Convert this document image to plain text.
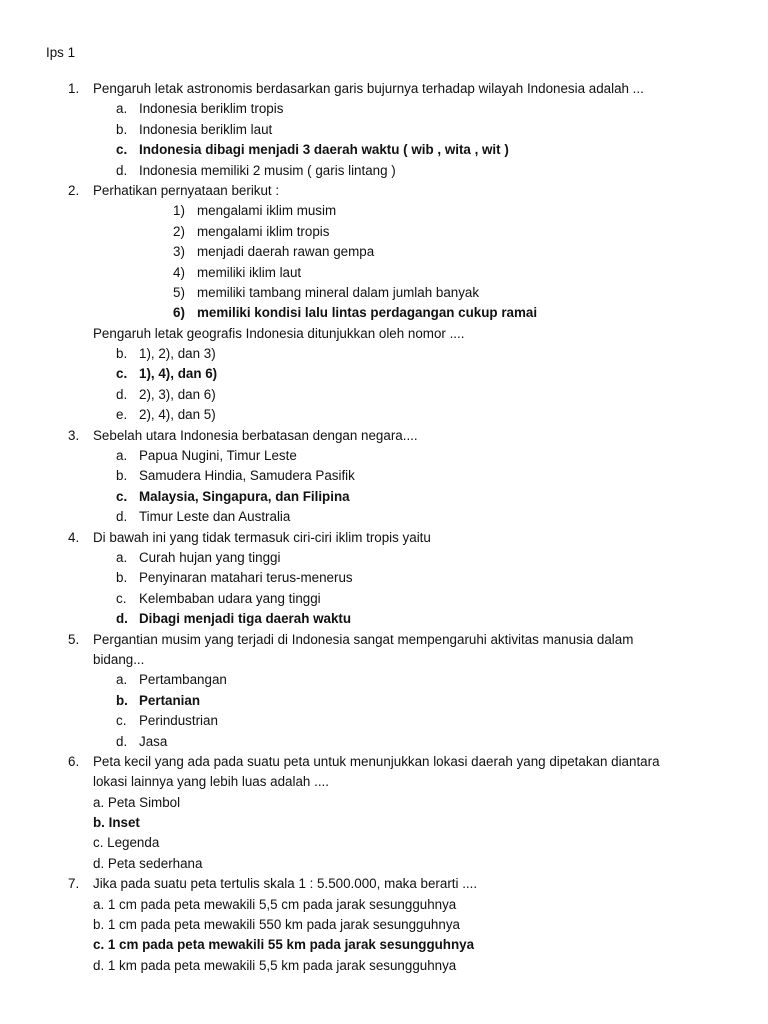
Ips 1
1. Pengaruh letak astronomis berdasarkan garis bujurnya terhadap wilayah Indonesia adalah ...
a. Indonesia beriklim tropis
b. Indonesia beriklim laut
c. Indonesia dibagi menjadi 3 daerah waktu ( wib , wita , wit )
d. Indonesia memiliki 2 musim ( garis lintang )
2. Perhatikan pernyataan berikut :
1) mengalami iklim musim
2) mengalami iklim tropis
3) menjadi daerah rawan gempa
4) memiliki iklim laut
5) memiliki tambang mineral dalam jumlah banyak
6) memiliki kondisi lalu lintas perdagangan cukup ramai
Pengaruh letak geografis Indonesia ditunjukkan oleh nomor ....
b. 1), 2), dan 3)
c. 1), 4), dan 6)
d. 2), 3), dan 6)
e. 2), 4), dan 5)
3. Sebelah utara Indonesia berbatasan dengan negara....
a. Papua Nugini, Timur Leste
b. Samudera Hindia, Samudera Pasifik
c. Malaysia, Singapura, dan Filipina
d. Timur Leste dan Australia
4. Di bawah ini yang tidak termasuk ciri-ciri iklim tropis yaitu
a. Curah hujan yang tinggi
b. Penyinaran matahari terus-menerus
c. Kelembaban udara yang tinggi
d. Dibagi menjadi tiga daerah waktu
5. Pergantian musim yang terjadi di Indonesia sangat mempengaruhi aktivitas manusia dalam
bidang...
a. Pertambangan
b. Pertanian
c. Perindustrian
d. Jasa
6. Peta kecil yang ada pada suatu peta untuk menunjukkan lokasi daerah yang dipetakan diantara
lokasi lainnya yang lebih luas adalah ....
a. Peta Simbol
b. Inset
c. Legenda
d. Peta sederhana
7. Jika pada suatu peta tertulis skala 1 : 5.500.000, maka berarti ....
a. 1 cm pada peta mewakili 5,5 cm pada jarak sesungguhnya
b. 1 cm pada peta mewakili 550 km pada jarak sesungguhnya
c. 1 cm pada peta mewakili 55 km pada jarak sesungguhnya
d. 1 km pada peta mewakili 5,5 km pada jarak sesungguhnya
